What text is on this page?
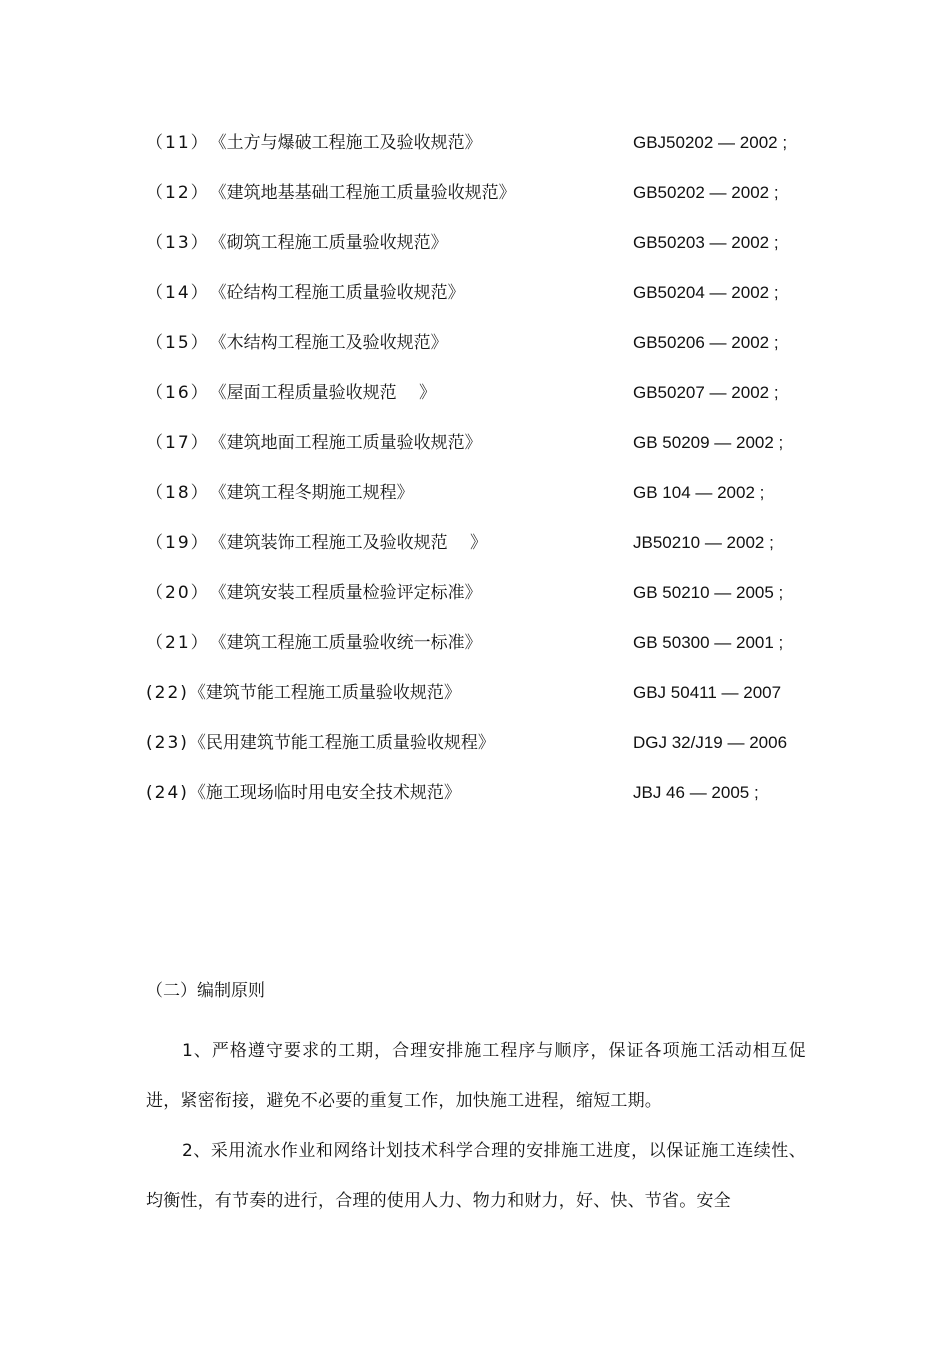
（11）《土方与爆破工程施工及验收规范》	GBJ50202 — 2002 ;
（12）《建筑地基基础工程施工质量验收规范》	GB50202 — 2002 ;
（13）《砌筑工程施工质量验收规范》	GB50203 — 2002 ;
（14）《砼结构工程施工质量验收规范》	GB50204 — 2002 ;
（15）《木结构工程施工及验收规范》	GB50206 — 2002 ;
（16）《屋面工程质量验收规范　 》	GB50207 — 2002 ;
（17）《建筑地面工程施工质量验收规范》	GB 50209 — 2002 ;
（18）《建筑工程冬期施工规程》	GB 104 — 2002 ;
（19）《建筑装饰工程施工及验收规范　 》	JB50210 — 2002 ;
（20）《建筑安装工程质量检验评定标准》	GB 50210 — 2005 ;
（21）《建筑工程施工质量验收统一标准》	GB 50300 — 2001 ;
(22)《建筑节能工程施工质量验收规范》	GBJ 50411 — 2007
(23)《民用建筑节能工程施工质量验收规程》	DGJ 32/J19 — 2006
(24)《施工现场临时用电安全技术规范》	JBJ 46 — 2005 ;
（二）编制原则

1、严格遵守要求的工期，合理安排施工程序与顺序，保证各项施工活动相互促进，紧密衔接，避免不必要的重复工作，加快施工进程，缩短工期。

2、采用流水作业和网络计划技术科学合理的安排施工进度，以保证施工连续性、均衡性，有节奏的进行，合理的使用人力、物力和财力，好、快、节省。安全
